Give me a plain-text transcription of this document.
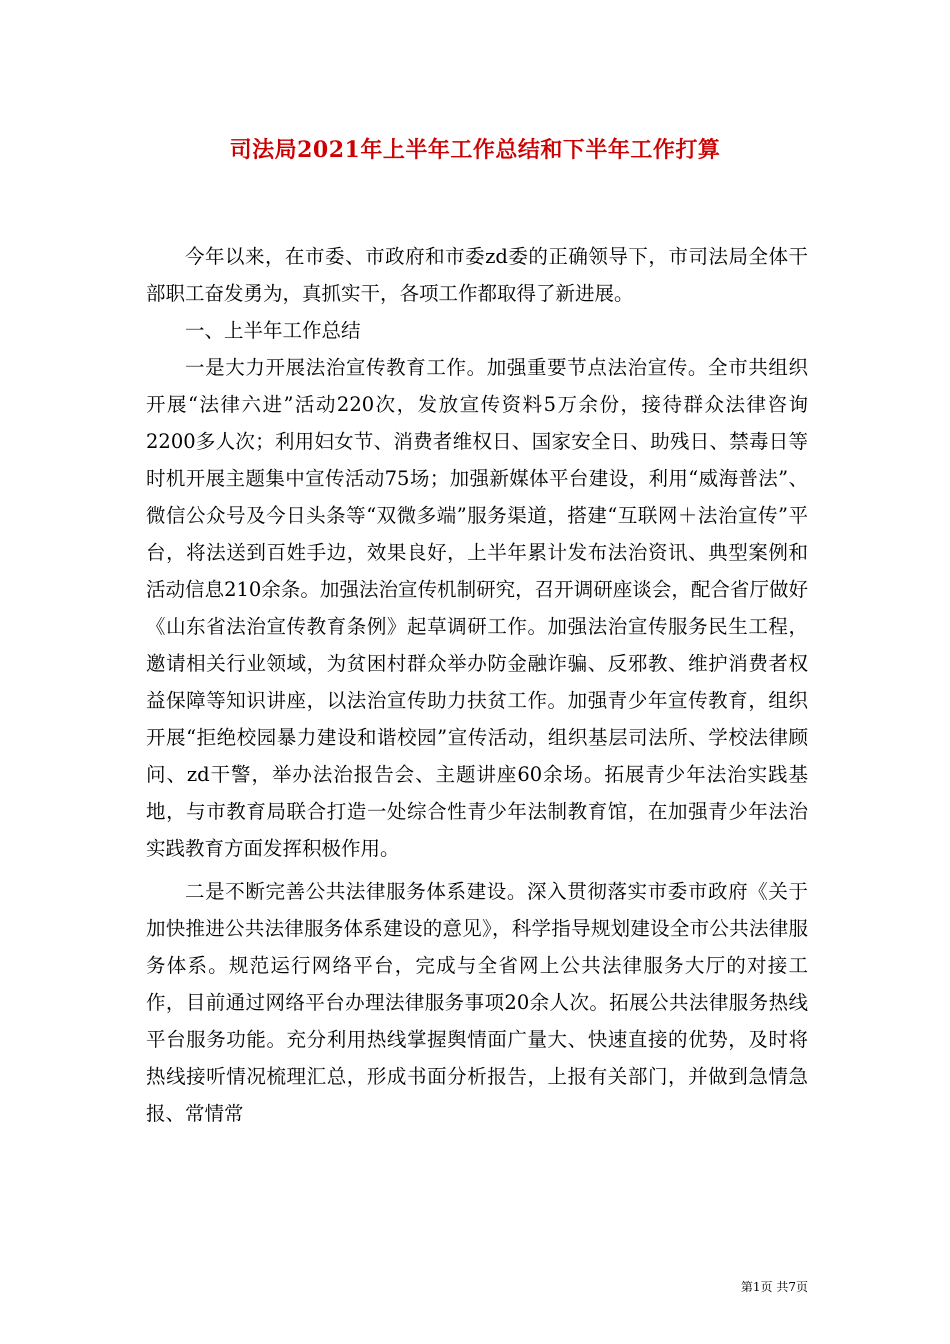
司法局2021年上半年工作总结和下半年工作打算

今年以来，在市委、市政府和市委zd委的正确领导下，市司法局全体干部职工奋发勇为，真抓实干，各项工作都取得了新进展。

一、上半年工作总结

一是大力开展法治宣传教育工作。加强重要节点法治宣传。全市共组织开展“法律六进”活动220次，发放宣传资料5万余份，接待群众法律咨询2200多人次；利用妇女节、消费者维权日、国家安全日、助残日、禁毒日等时机开展主题集中宣传活动75场；加强新媒体平台建设，利用“威海普法”、微信公众号及今日头条等“双微多端”服务渠道，搭建“互联网＋法治宣传”平台，将法送到百姓手边，效果良好，上半年累计发布法治资讯、典型案例和活动信息210余条。加强法治宣传机制研究，召开调研座谈会，配合省厅做好《山东省法治宣传教育条例》起草调研工作。加强法治宣传服务民生工程，邀请相关行业领域，为贫困村群众举办防金融诈骗、反邪教、维护消费者权益保障等知识讲座，以法治宣传助力扶贫工作。加强青少年宣传教育，组织开展“拒绝校园暴力建设和谐校园”宣传活动，组织基层司法所、学校法律顾问、zd干警，举办法治报告会、主题讲座60余场。拓展青少年法治实践基地，与市教育局联合打造一处综合性青少年法制教育馆，在加强青少年法治实践教育方面发挥积极作用。

二是不断完善公共法律服务体系建设。深入贯彻落实市委市政府《关于加快推进公共法律服务体系建设的意见》，科学指导规划建设全市公共法律服务体系。规范运行网络平台，完成与全省网上公共法律服务大厅的对接工作，目前通过网络平台办理法律服务事项20余人次。拓展公共法律服务热线平台服务功能。充分利用热线掌握舆情面广量大、快速直接的优势，及时将热线接听情况梳理汇总，形成书面分析报告，上报有关部门，并做到急情急报、常情常

第1页 共7页
